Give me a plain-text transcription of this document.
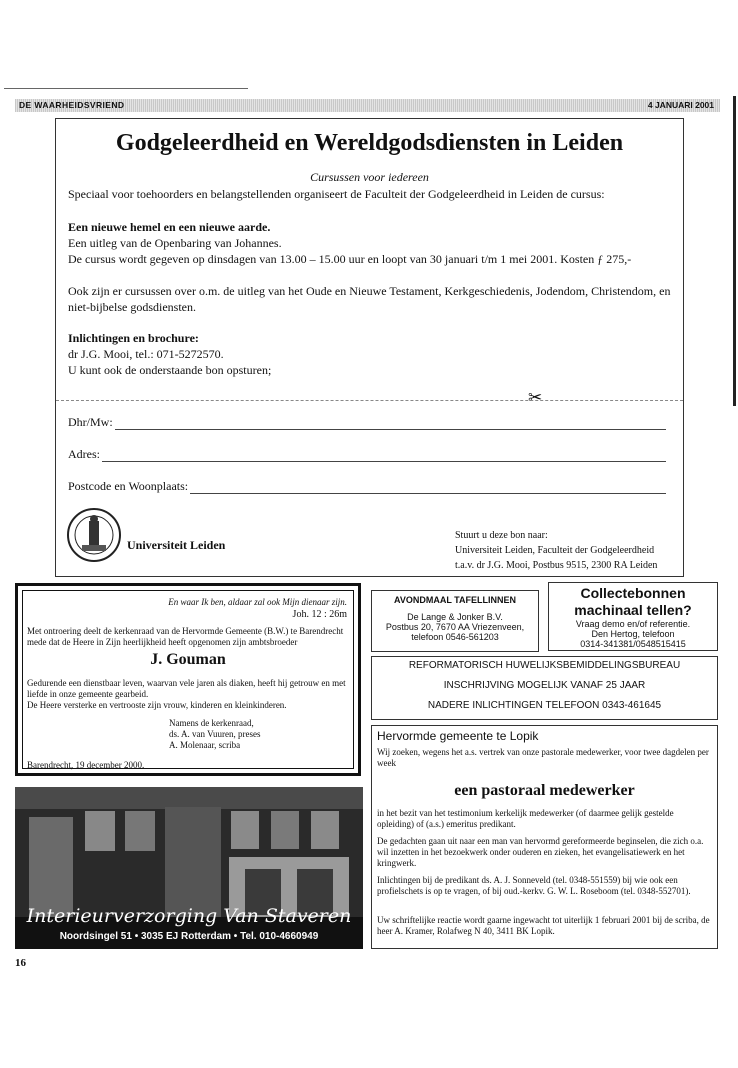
DE WAARHEIDSVRIEND	4 JANUARI 2001
Godgeleerdheid en Wereldgodsdiensten in Leiden
Cursussen voor iedereen
Speciaal voor toehoorders en belangstellenden organiseert de Faculteit der Godgeleerdheid in Leiden de cursus:
Een nieuwe hemel en een nieuwe aarde.
Een uitleg van de Openbaring van Johannes.
De cursus wordt gegeven op dinsdagen van 13.00 – 15.00 uur en loopt van 30 januari t/m 1 mei 2001. Kosten ƒ 275,-
Ook zijn er cursussen over o.m. de uitleg van het Oude en Nieuwe Testament, Kerkgeschiedenis, Jodendom, Christendom, en niet-bijbelse godsdiensten.
Inlichtingen en brochure:
dr J.G. Mooi, tel.: 071-5272570.
U kunt ook de onderstaande bon opsturen;
✂
Dhr/Mw:
Adres:
Postcode en Woonplaats:
Universiteit Leiden
Stuurt u deze bon naar:
Universiteit Leiden, Faculteit der Godgeleerdheid
t.a.v. dr J.G. Mooi, Postbus 9515, 2300 RA Leiden
En waar Ik ben, aldaar zal ook Mijn dienaar zijn.
Joh. 12 : 26m
Met ontroering deelt de kerkenraad van de Hervormde Gemeente (B.W.) te Barendrecht mede dat de Heere in Zijn heerlijkheid heeft opgenomen zijn ambtsbroeder
J. Gouman
Gedurende een dienstbaar leven, waarvan vele jaren als diaken, heeft hij getrouw en met liefde in onze gemeente gearbeid.
De Heere versterke en vertrooste zijn vrouw, kinderen en kleinkinderen.
Namens de kerkenraad,
ds. A. van Vuuren, preses
A. Molenaar, scriba
Barendrecht, 19 december 2000.
Interieurverzorging Van Staveren
Noordsingel 51 • 3035 EJ Rotterdam • Tel. 010-4660949
AVONDMAAL TAFELLINNEN
De Lange & Jonker B.V.
Postbus 20, 7670 AA Vriezenveen,
telefoon 0546-561203
Collectebonnen
machinaal tellen?
Vraag demo en/of referentie.
Den Hertog, telefoon
0314-341381/0548515415
REFORMATORISCH HUWELIJKSBEMIDDELINGSBUREAU
INSCHRIJVING MOGELIJK VANAF 25 JAAR
NADERE INLICHTINGEN TELEFOON 0343-461645
Hervormde gemeente te Lopik
Wij zoeken, wegens het a.s. vertrek van onze pastorale medewerker, voor twee dagdelen per week
een pastoraal medewerker
in het bezit van het testimonium kerkelijk medewerker (of daarmee gelijk gestelde opleiding) of (a.s.) emeritus predikant.
De gedachten gaan uit naar een man van hervormd gereformeerde beginselen, die zich o.a. wil inzetten in het bezoekwerk onder ouderen en zieken, het evangelisatiewerk en het kringwerk.
Inlichtingen bij de predikant ds. A. J. Sonneveld (tel. 0348-551559) bij wie ook een profielschets is op te vragen, of bij oud.-kerkv. G. W. L. Roseboom (tel. 0348-552701).
Uw schriftelijke reactie wordt gaarne ingewacht tot uiterlijk 1 februari 2001 bij de scriba, de heer A. Kramer, Rolafweg N 40, 3411 BK Lopik.
16
